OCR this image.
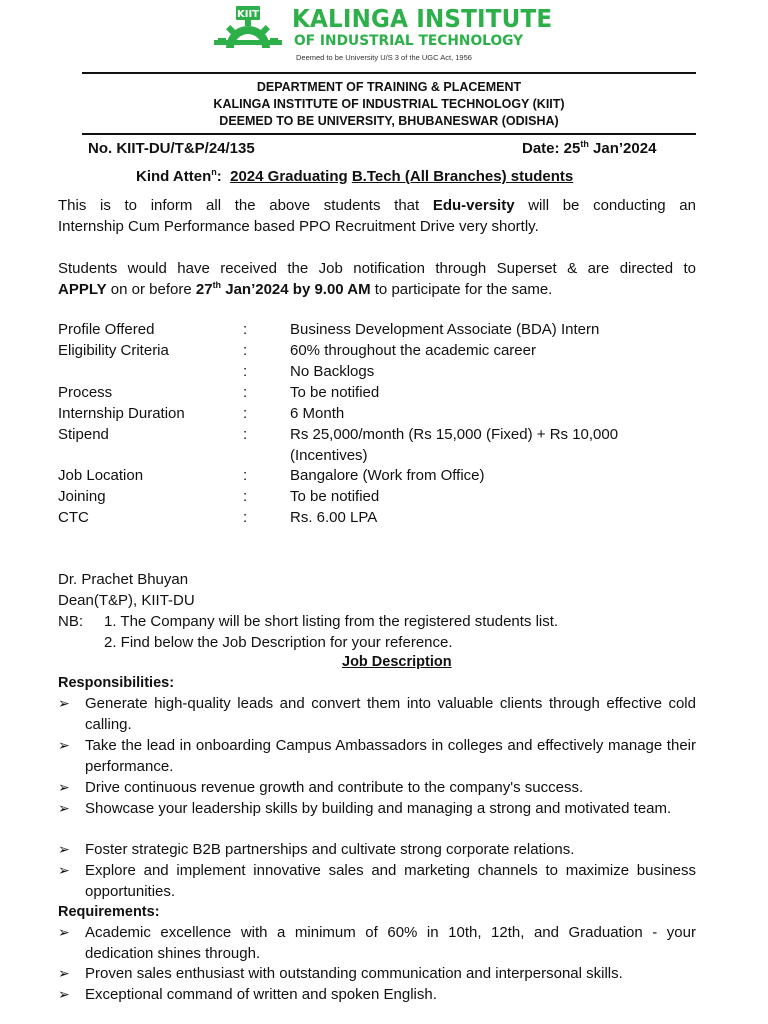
KIIT KALINGA INSTITUTE
OF INDUSTRIAL TECHNOLOGY
Deemed to be University U/S 3 of the UGC Act, 1956
DEPARTMENT OF TRAINING & PLACEMENT
KALINGA INSTITUTE OF INDUSTRIAL TECHNOLOGY (KIIT)
DEEMED TO BE UNIVERSITY, BHUBANESWAR (ODISHA)
No. KIIT-DU/T&P/24/135	Date: 25th Jan’2024
Kind Atten$^n$: 2024 Graduating B.Tech (All Branches) students
This is to inform all the above students that Edu-versity will be conducting an
Internship Cum Performance based PPO Recruitment Drive very shortly.
Students would have received the Job notification through Superset & are directed to
APPLY on or before 27th Jan’2024 by 9.00 AM to participate for the same.
Profile Offered	:	Business Development Associate (BDA) Intern
Eligibility Criteria	:	60% throughout the academic career
:	No Backlogs
Process	:	To be notified
Internship Duration	:	6 Month
Stipend	:	Rs 25,000/month (Rs 15,000 (Fixed) + Rs 10,000 (Incentives)
Job Location	:	Bangalore (Work from Office)
Joining	:	To be notified
CTC	:	Rs. 6.00 LPA
Dr. Prachet Bhuyan
Dean(T&P), KIIT-DU
NB: 1. The Company will be short listing from the registered students list.
2. Find below the Job Description for your reference.
Job Description
Responsibilities:
➢ Generate high-quality leads and convert them into valuable clients through effective cold calling.
➢ Take the lead in onboarding Campus Ambassadors in colleges and effectively manage their performance.
➢ Drive continuous revenue growth and contribute to the company's success.
➢ Showcase your leadership skills by building and managing a strong and motivated team.
➢ Foster strategic B2B partnerships and cultivate strong corporate relations.
➢ Explore and implement innovative sales and marketing channels to maximize business opportunities.
Requirements:
➢ Academic excellence with a minimum of 60% in 10th, 12th, and Graduation - your dedication shines through.
➢ Proven sales enthusiast with outstanding communication and interpersonal skills.
➢ Exceptional command of written and spoken English.
